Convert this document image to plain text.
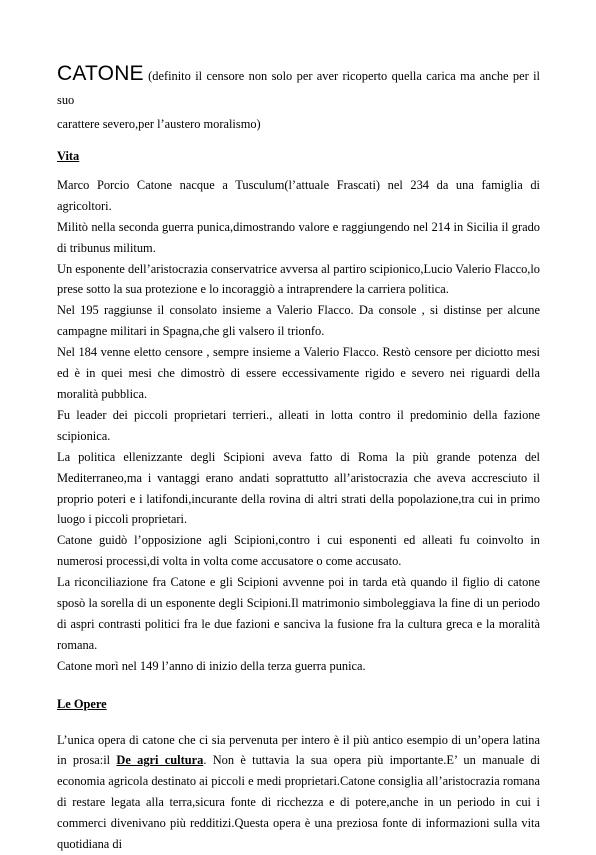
CATONE (definito il censore non solo per aver ricoperto quella carica ma anche per il suo

carattere severo,per l’austero moralismo)

Vita

Marco Porcio Catone nacque a Tusculum(l’attuale Frascati) nel 234 da una famiglia di agricoltori.

Militò nella seconda guerra punica,dimostrando valore e raggiungendo nel 214 in Sicilia il grado di tribunus militum.

Un esponente dell’aristocrazia conservatrice avversa al partiro scipionico,Lucio Valerio Flacco,lo prese sotto la sua protezione e lo incoraggiò a intraprendere la carriera politica.

Nel 195 raggiunse il consolato insieme a Valerio Flacco. Da console , si distinse per alcune campagne militari in Spagna,che gli valsero il trionfo.

Nel 184 venne eletto censore , sempre insieme a Valerio Flacco. Restò censore per diciotto mesi ed è in quei mesi che dimostrò di essere eccessivamente rigido e severo nei riguardi della moralità pubblica.

Fu leader dei piccoli proprietari terrieri., alleati in lotta contro il predominio della fazione scipionica.

La politica ellenizzante degli Scipioni aveva fatto di Roma la più grande potenza del Mediterraneo,ma i vantaggi erano andati soprattutto all’aristocrazia che aveva accresciuto il proprio poteri e i latifondi,incurante della rovina di altri strati della popolazione,tra cui in primo luogo i piccoli proprietari.

Catone guidò l’opposizione agli Scipioni,contro i cui esponenti ed alleati fu coinvolto in numerosi processi,di volta in volta come accusatore o come accusato.

La riconciliazione fra Catone e gli Scipioni avvenne poi in tarda età quando il figlio di catone sposò la sorella di un esponente degli Scipioni.Il matrimonio simboleggiava la fine di un periodo di aspri contrasti politici fra le due fazioni e sanciva la fusione fra la cultura greca e la moralità romana.

Catone morì nel 149 l’anno di inizio della terza guerra punica.

Le Opere

L’unica opera di catone che ci sia pervenuta per intero è il più antico esempio di un’opera latina in prosa:il De agri cultura. Non è tuttavia la sua opera più importante.E’ un manuale di economia agricola destinato ai piccoli e medi proprietari.Catone consiglia all’aristocrazia romana di restare legata alla terra,sicura fonte di ricchezza e di potere,anche in un periodo in cui i commerci divenivano più redditizi.Questa opera è una preziosa fonte di informazioni sulla vita quotidiana di
